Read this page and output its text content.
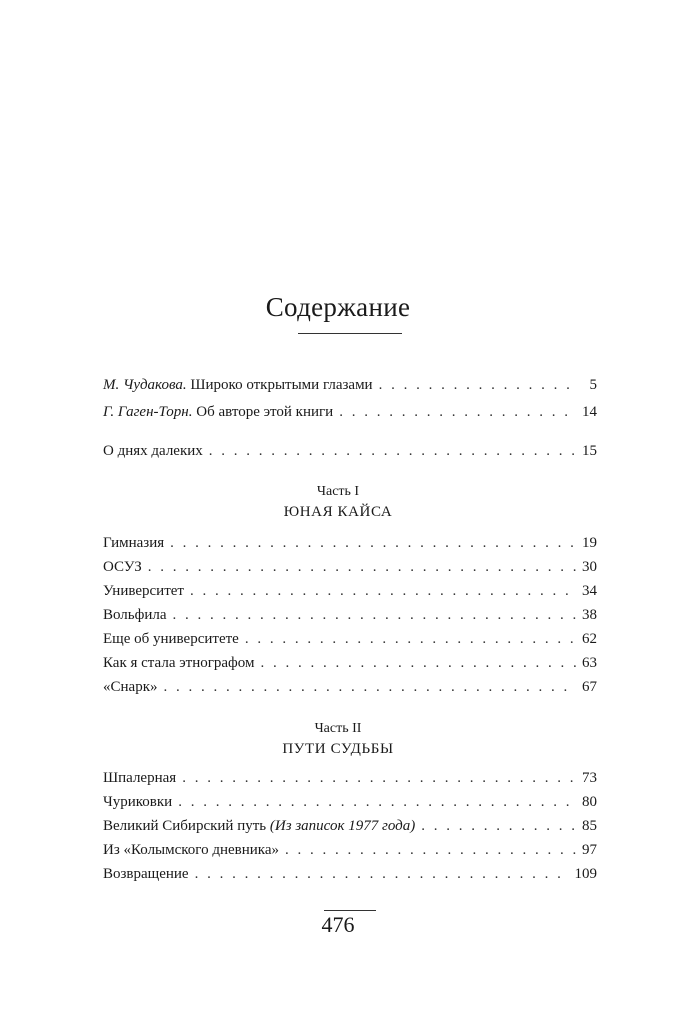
Содержание
М. Чудакова. Широко открытыми глазами . . .	5
Г. Гаген-Торн. Об авторе этой книги . . .	14
О днях далеких . . .	15
Часть I
ЮНАЯ КАЙСА
Гимназия . . .	19
ОСУЗ . . .	30
Университет . . .	34
Вольфила . . .	38
Еще об университете . . .	62
Как я стала этнографом . . .	63
«Снарк» . . .	67
Часть II
ПУТИ СУДЬБЫ
Шпалерная . . .	73
Чуриковки . . .	80
Великий Сибирский путь (Из записок 1977 года) . . .	85
Из «Колымского дневника» . . .	97
Возвращение . . .	109
476
